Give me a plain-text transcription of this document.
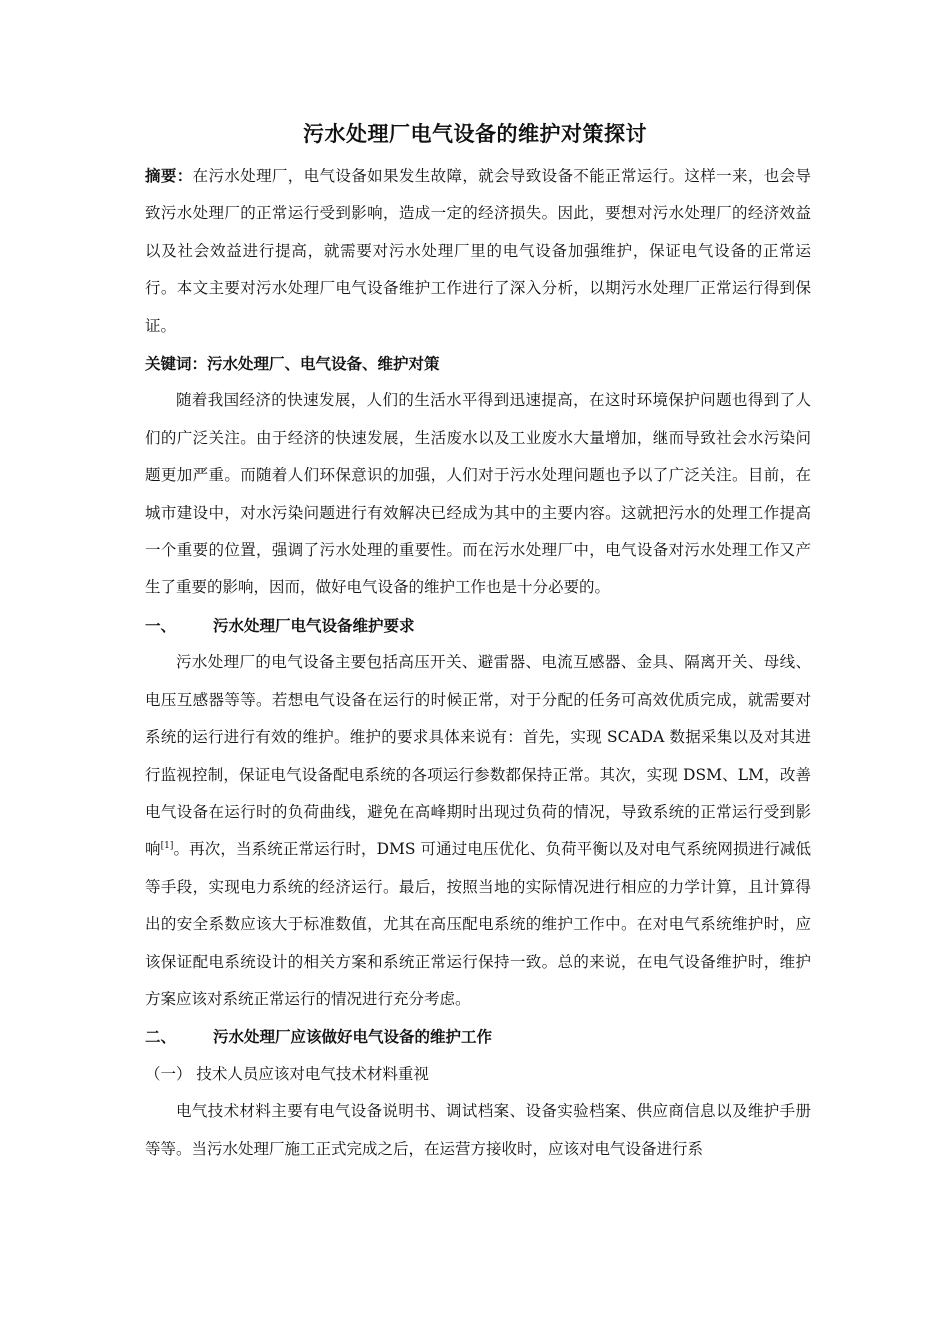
污水处理厂电气设备的维护对策探讨

摘要：在污水处理厂，电气设备如果发生故障，就会导致设备不能正常运行。这样一来，也会导致污水处理厂的正常运行受到影响，造成一定的经济损失。因此，要想对污水处理厂的经济效益以及社会效益进行提高，就需要对污水处理厂里的电气设备加强维护，保证电气设备的正常运行。本文主要对污水处理厂电气设备维护工作进行了深入分析，以期污水处理厂正常运行得到保证。

关键词：污水处理厂、电气设备、维护对策

随着我国经济的快速发展，人们的生活水平得到迅速提高，在这时环境保护问题也得到了人们的广泛关注。由于经济的快速发展，生活废水以及工业废水大量增加，继而导致社会水污染问题更加严重。而随着人们环保意识的加强，人们对于污水处理问题也予以了广泛关注。目前，在城市建设中，对水污染问题进行有效解决已经成为其中的主要内容。这就把污水的处理工作提高一个重要的位置，强调了污水处理的重要性。而在污水处理厂中，电气设备对污水处理工作又产生了重要的影响，因而，做好电气设备的维护工作也是十分必要的。

一、	污水处理厂电气设备维护要求

污水处理厂的电气设备主要包括高压开关、避雷器、电流互感器、金具、隔离开关、母线、电压互感器等等。若想电气设备在运行的时候正常，对于分配的任务可高效优质完成，就需要对系统的运行进行有效的维护。维护的要求具体来说有：首先，实现 SCADA 数据采集以及对其进行监视控制，保证电气设备配电系统的各项运行参数都保持正常。其次，实现 DSM、LM，改善电气设备在运行时的负荷曲线，避免在高峰期时出现过负荷的情况，导致系统的正常运行受到影响[1]。再次，当系统正常运行时，DMS 可通过电压优化、负荷平衡以及对电气系统网损进行减低等手段，实现电力系统的经济运行。最后，按照当地的实际情况进行相应的力学计算，且计算得出的安全系数应该大于标准数值，尤其在高压配电系统的维护工作中。在对电气系统维护时，应该保证配电系统设计的相关方案和系统正常运行保持一致。总的来说，在电气设备维护时，维护方案应该对系统正常运行的情况进行充分考虑。

二、	污水处理厂应该做好电气设备的维护工作

（一） 技术人员应该对电气技术材料重视

电气技术材料主要有电气设备说明书、调试档案、设备实验档案、供应商信息以及维护手册等等。当污水处理厂施工正式完成之后，在运营方接收时，应该对电气设备进行系
